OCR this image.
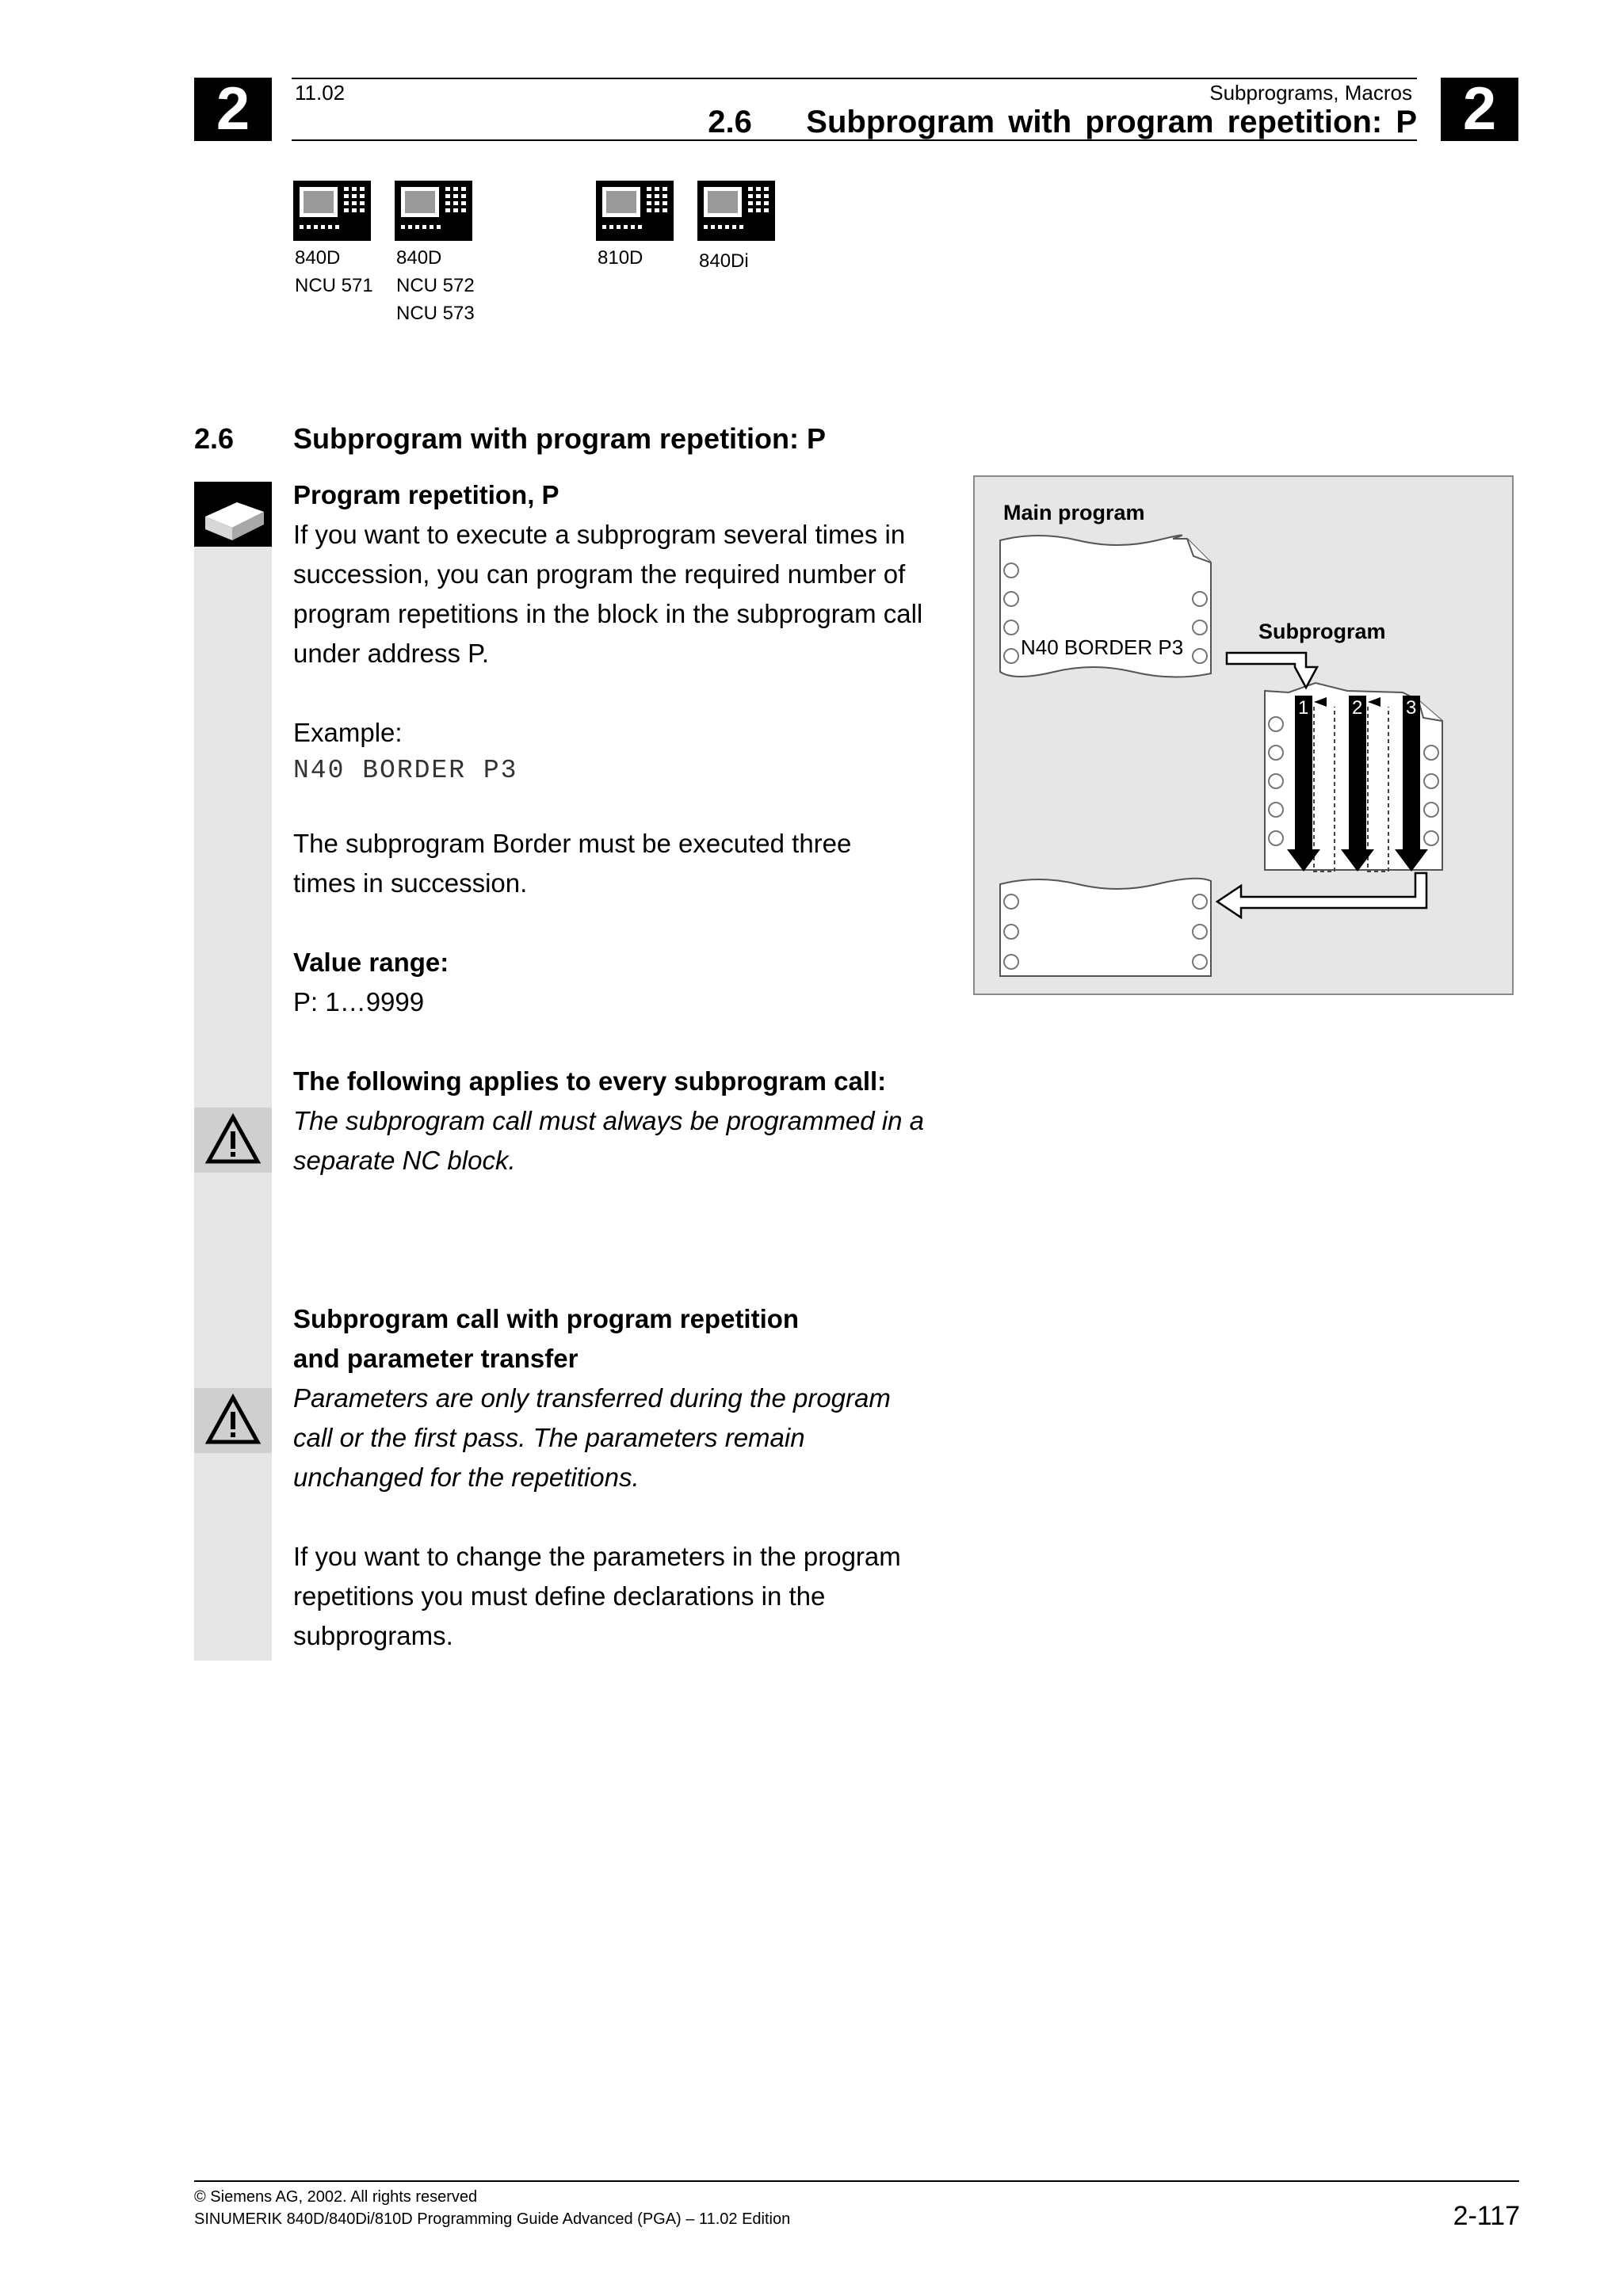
2	2
11.02	Subprograms, Macros
2.6    Subprogram with program repetition: P
840D
NCU 571
840D
NCU 572
NCU 573
810D	840Di
2.6 Subprogram with program repetition: P
Program repetition, P
If you want to execute a subprogram several times in succession, you can program the required number of program repetitions in the block in the subprogram call under address P.
Example:
N40 BORDER P3
The subprogram Border must be executed three times in succession.
Value range:
P: 1…9999
The following applies to every subprogram call:
The subprogram call must always be programmed in a separate NC block.
Subprogram call with program repetition
and parameter transfer
Parameters are only transferred during the program call or the first pass. The parameters remain unchanged for the repetitions.
If you want to change the parameters in the program repetitions you must define declarations in the subprograms.
Main program
Subprogram
N40 BORDER P3
1 2 3
© Siemens AG, 2002. All rights reserved
SINUMERIK 840D/840Di/810D Programming Guide Advanced (PGA) – 11.02 Edition	2-117
